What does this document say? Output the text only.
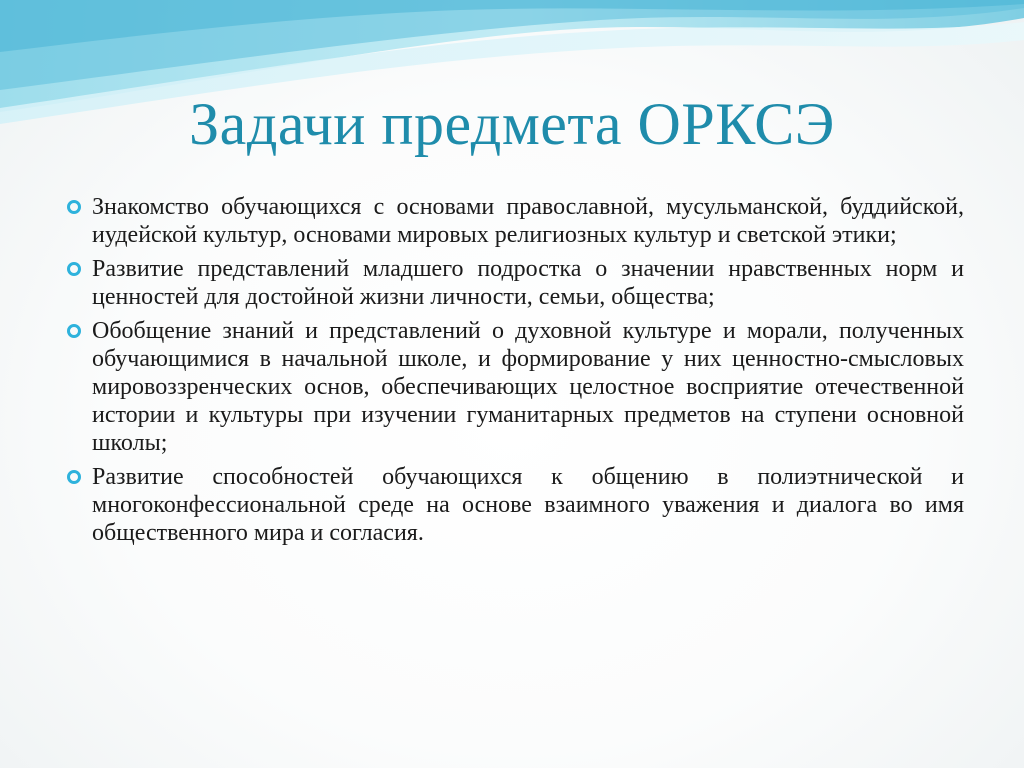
Задачи предмета ОРКСЭ
Знакомство обучающихся с основами православной, мусульманской, буддийской, иудейской культур, основами мировых религиозных культур и светской этики;
Развитие представлений младшего подростка о значении нравственных норм и ценностей для достойной жизни личности, семьи, общества;
Обобщение знаний и представлений о духовной культуре и морали, полученных обучающимися в начальной школе, и формирование у них ценностно-смысловых мировоззренческих основ, обеспечивающих целостное восприятие отечественной истории и культуры при изучении гуманитарных предметов на ступени основной школы;
Развитие способностей обучающихся к общению в полиэтнической и многоконфессиональной среде на основе взаимного уважения и диалога во имя общественного мира и согласия.
